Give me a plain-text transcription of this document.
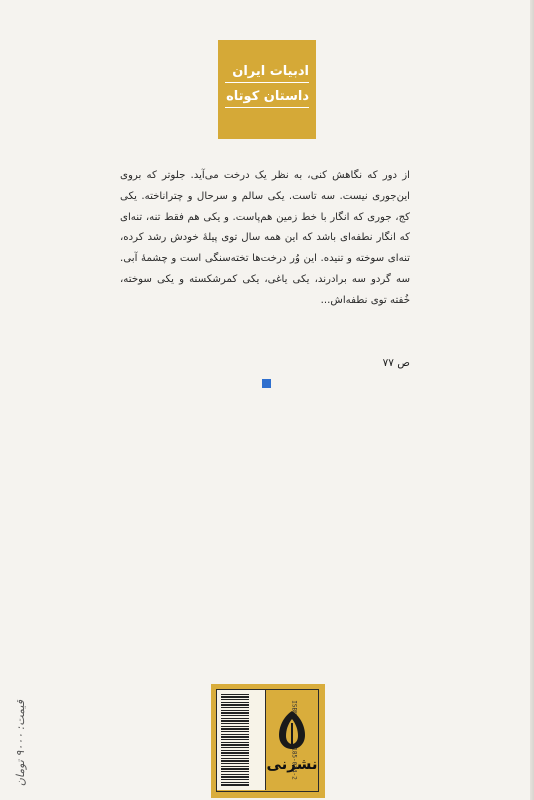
ادبیات ایران
داستان کوتاه
از دور که نگاهش کنی، به نظر یک درخت می‌آید. جلوتر که بروی این‌جوری نیست. سه تاست. یکی سالم و سرحال و چتراناخته. یکی کج، جوری که انگار با خط زمین هم‌پاست. و یکی هم فقط تنه، تنه‌ای که انگار نطفه‌ای باشد که این همه سال توی پیلهٔ خودش رشد کرده، تنه‌ای سوخته و تنیده. این وُر درخت‌ها تخته‌سنگی است و چشمهٔ آبی. سه گردو سه برادرند، یکی یاغی، یکی کمرشکسته و یکی سوخته، خُفته توی نطفه‌اش...
ص ۷۷
نشرنی
قیمت: ۹۰۰۰ تومان
